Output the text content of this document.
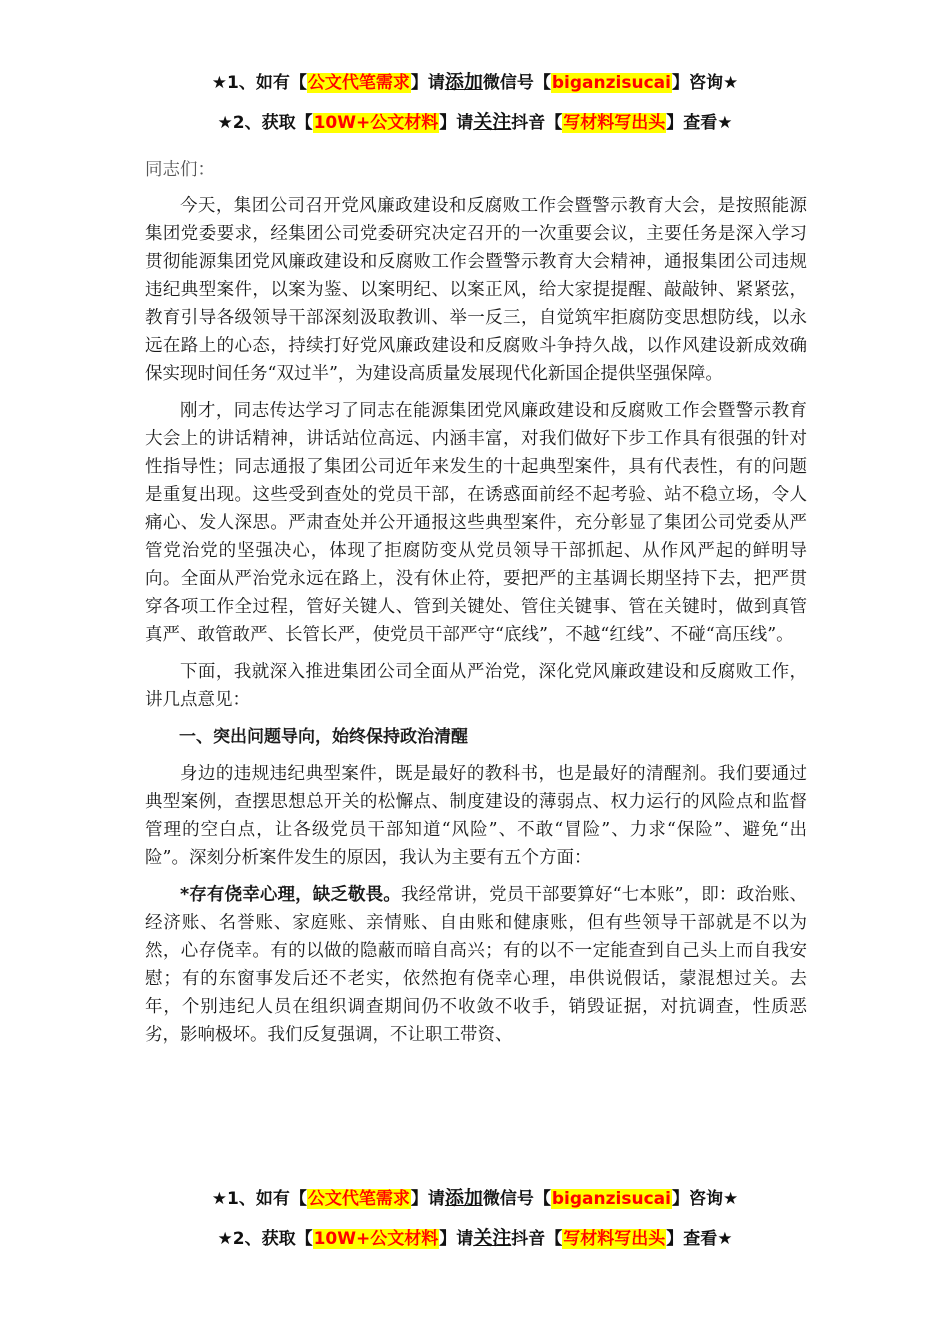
★1、如有【公文代笔需求】请添加微信号【biganzisucai】咨询★
★2、获取【10W+公文材料】请关注抖音【写材料写出头】查看★

同志们：

今天，集团公司召开党风廉政建设和反腐败工作会暨警示教育大会，是按照能源集团党委要求，经集团公司党委研究决定召开的一次重要会议，主要任务是深入学习贯彻能源集团党风廉政建设和反腐败工作会暨警示教育大会精神，通报集团公司违规违纪典型案件，以案为鉴、以案明纪、以案正风，给大家提提醒、敲敲钟、紧紧弦，教育引导各级领导干部深刻汲取教训、举一反三，自觉筑牢拒腐防变思想防线，以永远在路上的心态，持续打好党风廉政建设和反腐败斗争持久战，以作风建设新成效确保实现时间任务“双过半”，为建设高质量发展现代化新国企提供坚强保障。

刚才，同志传达学习了同志在能源集团党风廉政建设和反腐败工作会暨警示教育大会上的讲话精神，讲话站位高远、内涵丰富，对我们做好下步工作具有很强的针对性指导性；同志通报了集团公司近年来发生的十起典型案件，具有代表性，有的问题是重复出现。这些受到查处的党员干部，在诱惑面前经不起考验、站不稳立场，令人痛心、发人深思。严肃查处并公开通报这些典型案件，充分彰显了集团公司党委从严管党治党的坚强决心，体现了拒腐防变从党员领导干部抓起、从作风严起的鲜明导向。全面从严治党永远在路上，没有休止符，要把严的主基调长期坚持下去，把严贯穿各项工作全过程，管好关键人、管到关键处、管住关键事、管在关键时，做到真管真严、敢管敢严、长管长严，使党员干部严守“底线”，不越“红线”、不碰“高压线”。

下面，我就深入推进集团公司全面从严治党，深化党风廉政建设和反腐败工作，讲几点意见：

一、突出问题导向，始终保持政治清醒

身边的违规违纪典型案件，既是最好的教科书，也是最好的清醒剂。我们要通过典型案例，查摆思想总开关的松懈点、制度建设的薄弱点、权力运行的风险点和监督管理的空白点，让各级党员干部知道“风险”、不敢“冒险”、力求“保险”、避免“出险”。深刻分析案件发生的原因，我认为主要有五个方面：

*存有侥幸心理，缺乏敬畏。我经常讲，党员干部要算好“七本账”，即：政治账、经济账、名誉账、家庭账、亲情账、自由账和健康账，但有些领导干部就是不以为然，心存侥幸。有的以做的隐蔽而暗自高兴；有的以不一定能查到自己头上而自我安慰；有的东窗事发后还不老实，依然抱有侥幸心理，串供说假话，蒙混想过关。去年，个别违纪人员在组织调查期间仍不收敛不收手，销毁证据，对抗调查，性质恶劣，影响极坏。我们反复强调，不让职工带资、

★1、如有【公文代笔需求】请添加微信号【biganzisucai】咨询★
★2、获取【10W+公文材料】请关注抖音【写材料写出头】查看★
